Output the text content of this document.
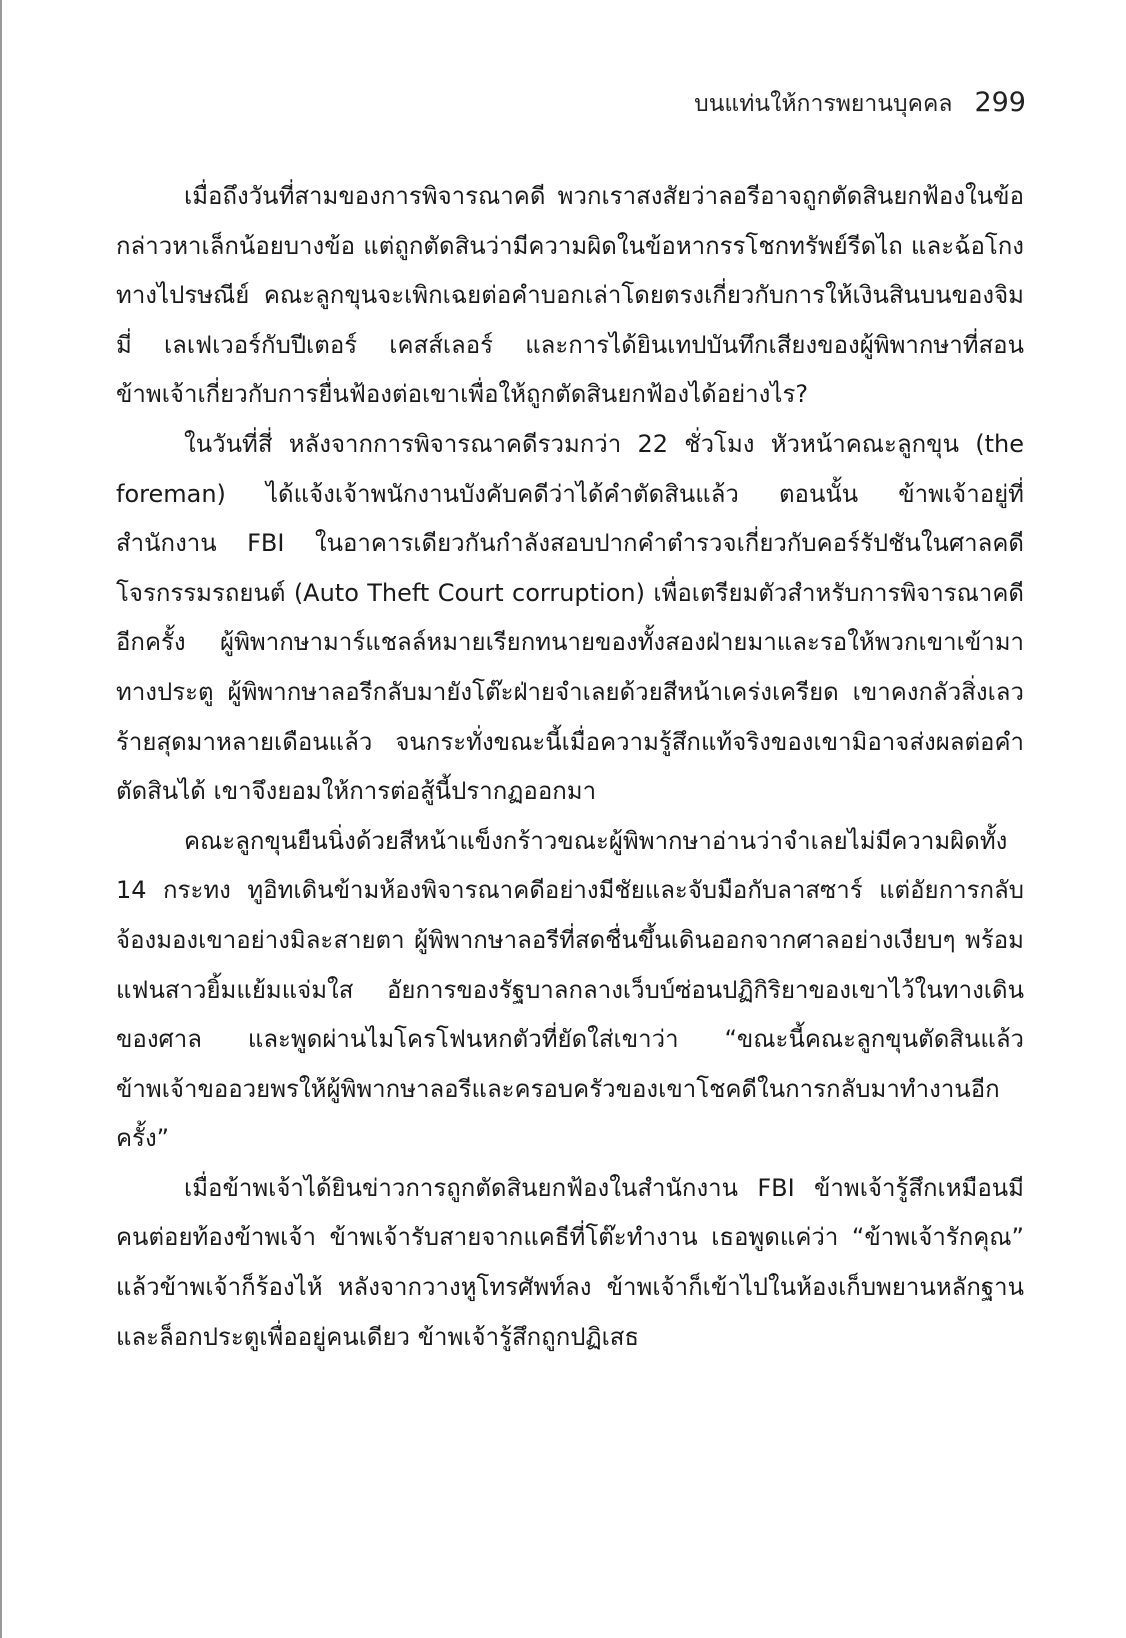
บนแท่นให้การพยานบุคคล 299

เมื่อถึงวันที่สามของการพิจารณาคดี พวกเราสงสัยว่าลอรีอาจถูกตัดสินยกฟ้องในข้อกล่าวหาเล็กน้อยบางข้อ แต่ถูกตัดสินว่ามีความผิดในข้อหากรรโชกทรัพย์รีดไถ และฉ้อโกงทางไปรษณีย์ คณะลูกขุนจะเพิกเฉยต่อคำบอกเล่าโดยตรงเกี่ยวกับการให้เงินสินบนของจิมมี่ เลเฟเวอร์กับปีเตอร์ เคสส์เลอร์ และการได้ยินเทปบันทึกเสียงของผู้พิพากษาที่สอนข้าพเจ้าเกี่ยวกับการยื่นฟ้องต่อเขาเพื่อให้ถูกตัดสินยกฟ้องได้อย่างไร?

ในวันที่สี่ หลังจากการพิจารณาคดีรวมกว่า 22 ชั่วโมง หัวหน้าคณะลูกขุน (the foreman) ได้แจ้งเจ้าพนักงานบังคับคดีว่าได้คำตัดสินแล้ว ตอนนั้น ข้าพเจ้าอยู่ที่สำนักงาน FBI ในอาคารเดียวกันกำลังสอบปากคำตำรวจเกี่ยวกับคอร์รัปชันในศาลคดีโจรกรรมรถยนต์ (Auto Theft Court corruption) เพื่อเตรียมตัวสำหรับการพิจารณาคดีอีกครั้ง ผู้พิพากษามาร์แชลล์หมายเรียกทนายของทั้งสองฝ่ายมาและรอให้พวกเขาเข้ามาทางประตู ผู้พิพากษาลอรีกลับมายังโต๊ะฝ่ายจำเลยด้วยสีหน้าเคร่งเครียด เขาคงกลัวสิ่งเลวร้ายสุดมาหลายเดือนแล้ว จนกระทั่งขณะนี้เมื่อความรู้สึกแท้จริงของเขามิอาจส่งผลต่อคำตัดสินได้ เขาจึงยอมให้การต่อสู้นี้ปรากฏออกมา

คณะลูกขุนยืนนิ่งด้วยสีหน้าแข็งกร้าวขณะผู้พิพากษาอ่านว่าจำเลยไม่มีความผิดทั้ง 14 กระทง ทูอิทเดินข้ามห้องพิจารณาคดีอย่างมีชัยและจับมือกับลาสซาร์ แต่อัยการกลับจ้องมองเขาอย่างมิละสายตา ผู้พิพากษาลอรีที่สดชื่นขึ้นเดินออกจากศาลอย่างเงียบๆ พร้อมแฟนสาวยิ้มแย้มแจ่มใส อัยการของรัฐบาลกลางเว็บบ์ซ่อนปฏิกิริยาของเขาไว้ในทางเดินของศาล และพูดผ่านไมโครโฟนหกตัวที่ยัดใส่เขาว่า “ขณะนี้คณะลูกขุนตัดสินแล้ว ข้าพเจ้าขออวยพรให้ผู้พิพากษาลอรีและครอบครัวของเขาโชคดีในการกลับมาทำงานอีกครั้ง”

เมื่อข้าพเจ้าได้ยินข่าวการถูกตัดสินยกฟ้องในสำนักงาน FBI ข้าพเจ้ารู้สึกเหมือนมีคนต่อยท้องข้าพเจ้า ข้าพเจ้ารับสายจากแคธีที่โต๊ะทำงาน เธอพูดแค่ว่า “ข้าพเจ้ารักคุณ” แล้วข้าพเจ้าก็ร้องไห้ หลังจากวางหูโทรศัพท์ลง ข้าพเจ้าก็เข้าไปในห้องเก็บพยานหลักฐานและล็อกประตูเพื่ออยู่คนเดียว ข้าพเจ้ารู้สึกถูกปฏิเสธ
